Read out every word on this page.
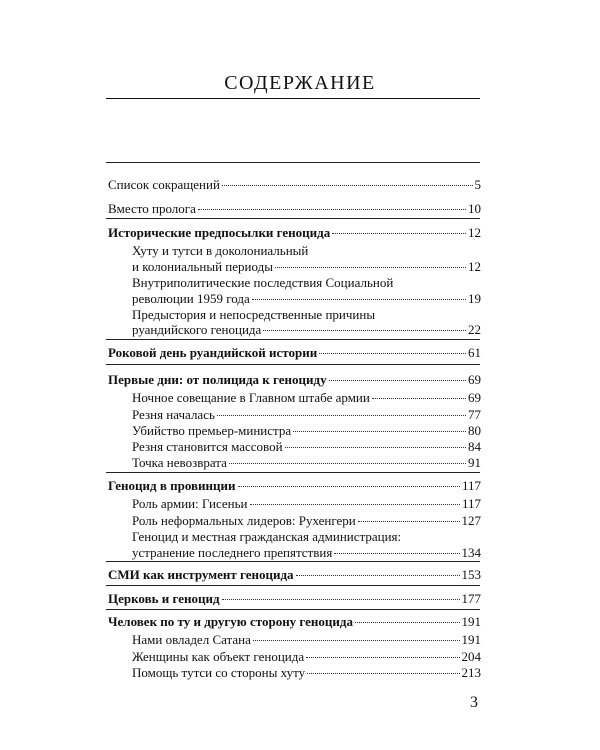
СОДЕРЖАНИЕ
Список сокращений	5
Вместо пролога	10
Исторические предпосылки геноцида	12
Хуту и тутси в доколониальный
и колониальный периоды	12
Внутриполитические последствия Социальной
революции 1959 года	19
Предыстория и непосредственные причины
руандийского геноцида	22
Роковой день руандийской истории	61
Первые дни: от полицида к геноциду	69
Ночное совещание в Главном штабе армии	69
Резня началась	77
Убийство премьер-министра	80
Резня становится массовой	84
Точка невозврата	91
Геноцид в провинции	117
Роль армии: Гисеньи	117
Роль неформальных лидеров: Рухенгери	127
Геноцид и местная гражданская администрация:
устранение последнего препятствия	134
СМИ как инструмент геноцида	153
Церковь и геноцид	177
Человек по ту и другую сторону геноцида	191
Нами овладел Сатана	191
Женщины как объект геноцида	204
Помощь тутси со стороны хуту	213
3
